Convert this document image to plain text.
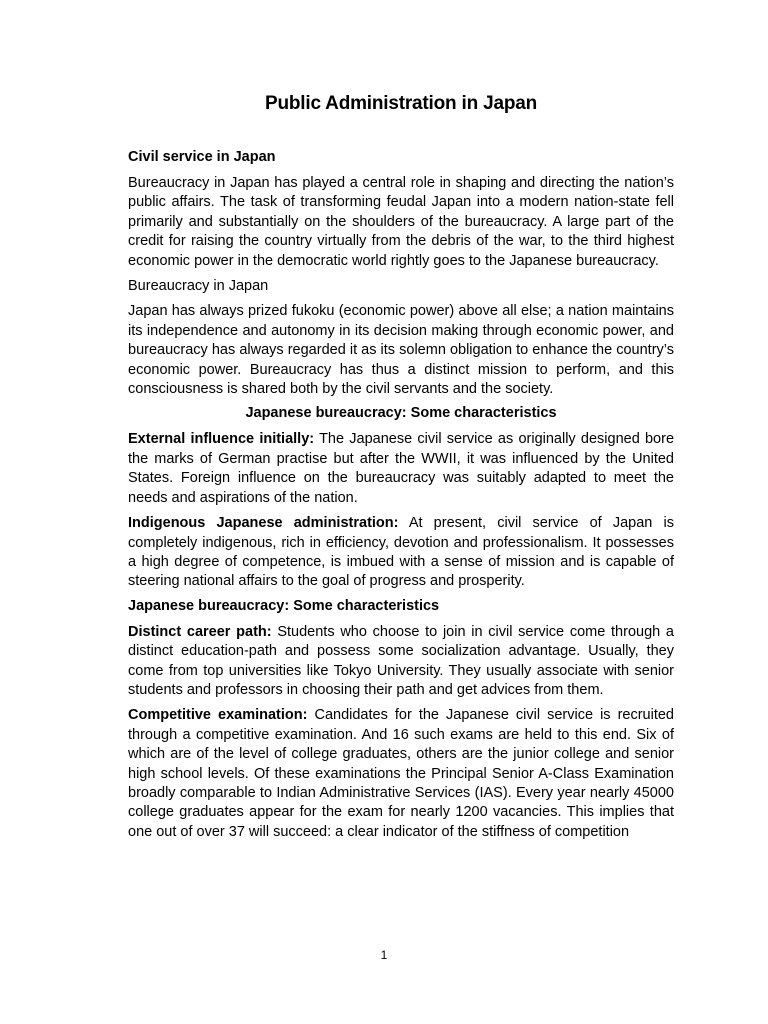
Public Administration in Japan
Civil service in Japan

Bureaucracy in Japan has played a central role in shaping and directing the nation’s public affairs. The task of transforming feudal Japan into a modern nation-state fell primarily and substantially on the shoulders of the bureaucracy. A large part of the credit for raising the country virtually from the debris of the war, to the third highest economic power in the democratic world rightly goes to the Japanese bureaucracy.

Bureaucracy in Japan

Japan has always prized fukoku (economic power) above all else; a nation maintains its independence and autonomy in its decision making through economic power, and bureaucracy has always regarded it as its solemn obligation to enhance the country’s economic power. Bureaucracy has thus a distinct mission to perform, and this consciousness is shared both by the civil servants and the society.

Japanese bureaucracy: Some characteristics

External influence initially: The Japanese civil service as originally designed bore the marks of German practise but after the WWII, it was influenced by the United States. Foreign influence on the bureaucracy was suitably adapted to meet the needs and aspirations of the nation.

Indigenous Japanese administration: At present, civil service of Japan is completely indigenous, rich in efficiency, devotion and professionalism. It possesses a high degree of competence, is imbued with a sense of mission and is capable of steering national affairs to the goal of progress and prosperity.

Japanese bureaucracy: Some characteristics

Distinct career path: Students who choose to join in civil service come through a distinct education-path and possess some socialization advantage. Usually, they come from top universities like Tokyo University. They usually associate with senior students and professors in choosing their path and get advices from them.

Competitive examination: Candidates for the Japanese civil service is recruited through a competitive examination. And 16 such exams are held to this end. Six of which are of the level of college graduates, others are the junior college and senior high school levels. Of these examinations the Principal Senior A-Class Examination broadly comparable to Indian Administrative Services (IAS). Every year nearly 45000 college graduates appear for the exam for nearly 1200 vacancies. This implies that one out of over 37 will succeed: a clear indicator of the stiffness of competition

1
